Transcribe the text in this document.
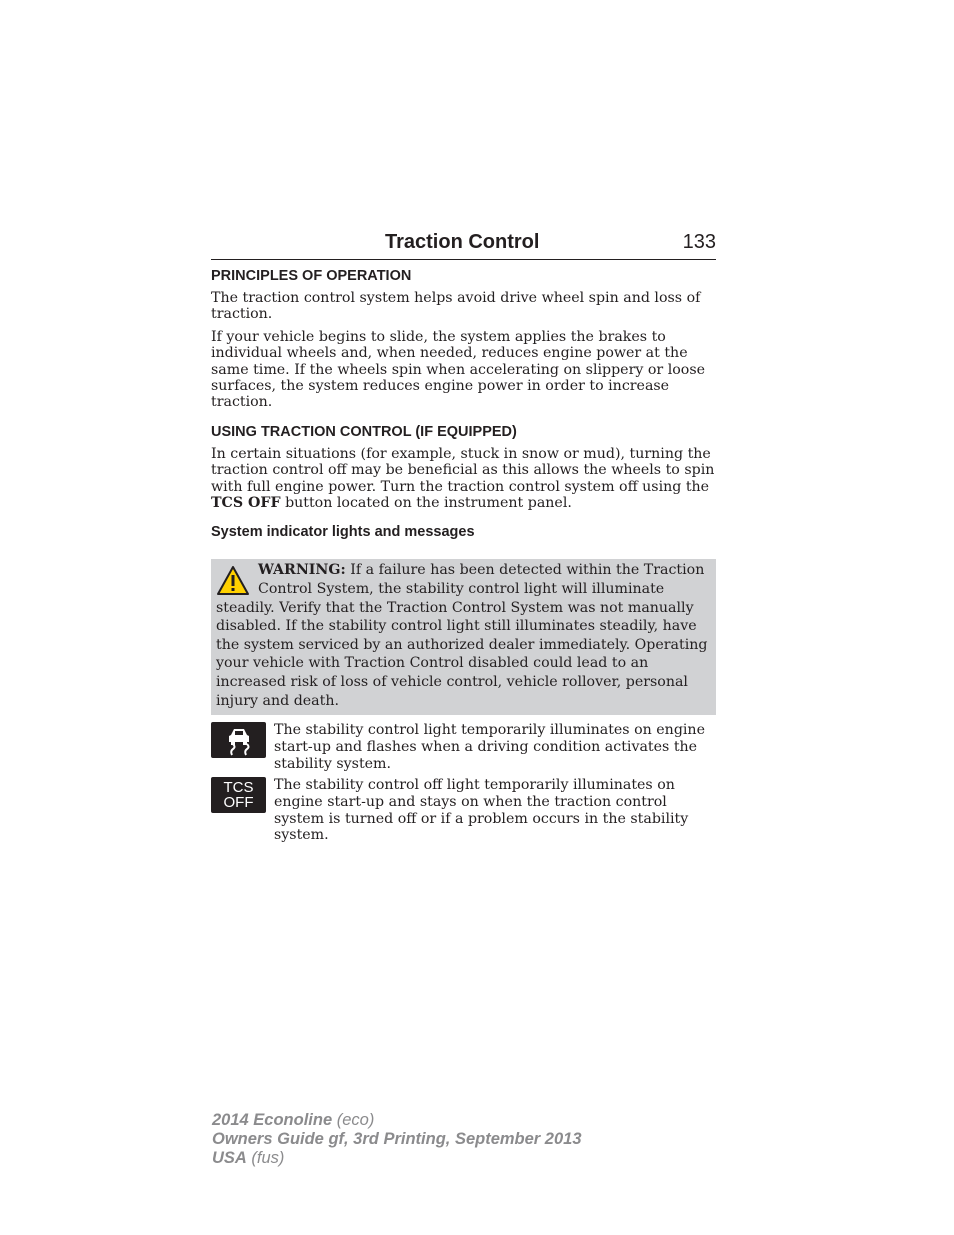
Traction Control	133
PRINCIPLES OF OPERATION

The traction control system helps avoid drive wheel spin and loss of traction.

If your vehicle begins to slide, the system applies the brakes to individual wheels and, when needed, reduces engine power at the same time. If the wheels spin when accelerating on slippery or loose surfaces, the system reduces engine power in order to increase traction.

USING TRACTION CONTROL (IF EQUIPPED)

In certain situations (for example, stuck in snow or mud), turning the traction control off may be beneficial as this allows the wheels to spin with full engine power. Turn the traction control system off using the TCS OFF button located on the instrument panel.

System indicator lights and messages
WARNING: If a failure has been detected within the Traction Control System, the stability control light will illuminate steadily. Verify that the Traction Control System was not manually disabled. If the stability control light still illuminates steadily, have the system serviced by an authorized dealer immediately. Operating your vehicle with Traction Control disabled could lead to an increased risk of loss of vehicle control, vehicle rollover, personal injury and death.
The stability control light temporarily illuminates on engine start-up and flashes when a driving condition activates the stability system.
TCS
OFF
The stability control off light temporarily illuminates on engine start-up and stays on when the traction control system is turned off or if a problem occurs in the stability system.
2014 Econoline (eco)
Owners Guide gf, 3rd Printing, September 2013
USA (fus)
